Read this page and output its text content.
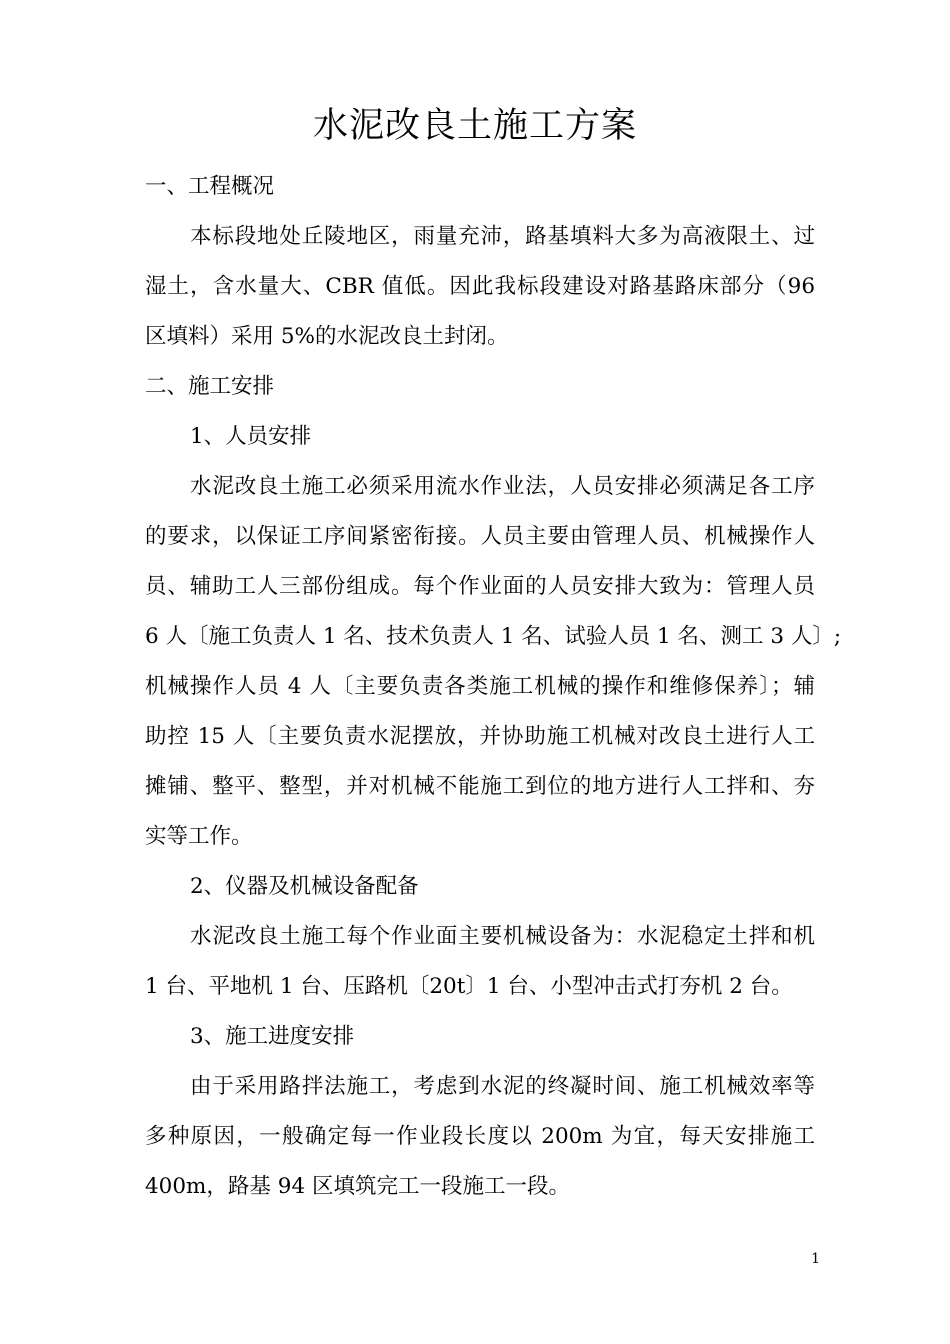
水泥改良土施工方案
一、工程概况
本标段地处丘陵地区，雨量充沛，路基填料大多为高液限土、过
湿土，含水量大、CBR 值低。因此我标段建设对路基路床部分（96
区填料）采用 5%的水泥改良土封闭。
二、施工安排
1、人员安排
水泥改良土施工必须采用流水作业法，人员安排必须满足各工序
的要求，以保证工序间紧密衔接。人员主要由管理人员、机械操作人
员、辅助工人三部份组成。每个作业面的人员安排大致为：管理人员
6 人〔施工负责人 1 名、技术负责人 1 名、试验人员 1 名、测工 3 人〕;
机械操作人员 4 人〔主要负责各类施工机械的操作和维修保养〕；辅
助控 15 人〔主要负责水泥摆放，并协助施工机械对改良土进行人工
摊铺、整平、整型，并对机械不能施工到位的地方进行人工拌和、夯
实等工作。
2、仪器及机械设备配备
水泥改良土施工每个作业面主要机械设备为：水泥稳定土拌和机
1 台、平地机 1 台、压路机〔20t〕1 台、小型冲击式打夯机 2 台。
3、施工进度安排
由于采用路拌法施工，考虑到水泥的终凝时间、施工机械效率等
多种原因，一般确定每一作业段长度以 200m 为宜，每天安排施工
400m，路基 94 区填筑完工一段施工一段。
1
